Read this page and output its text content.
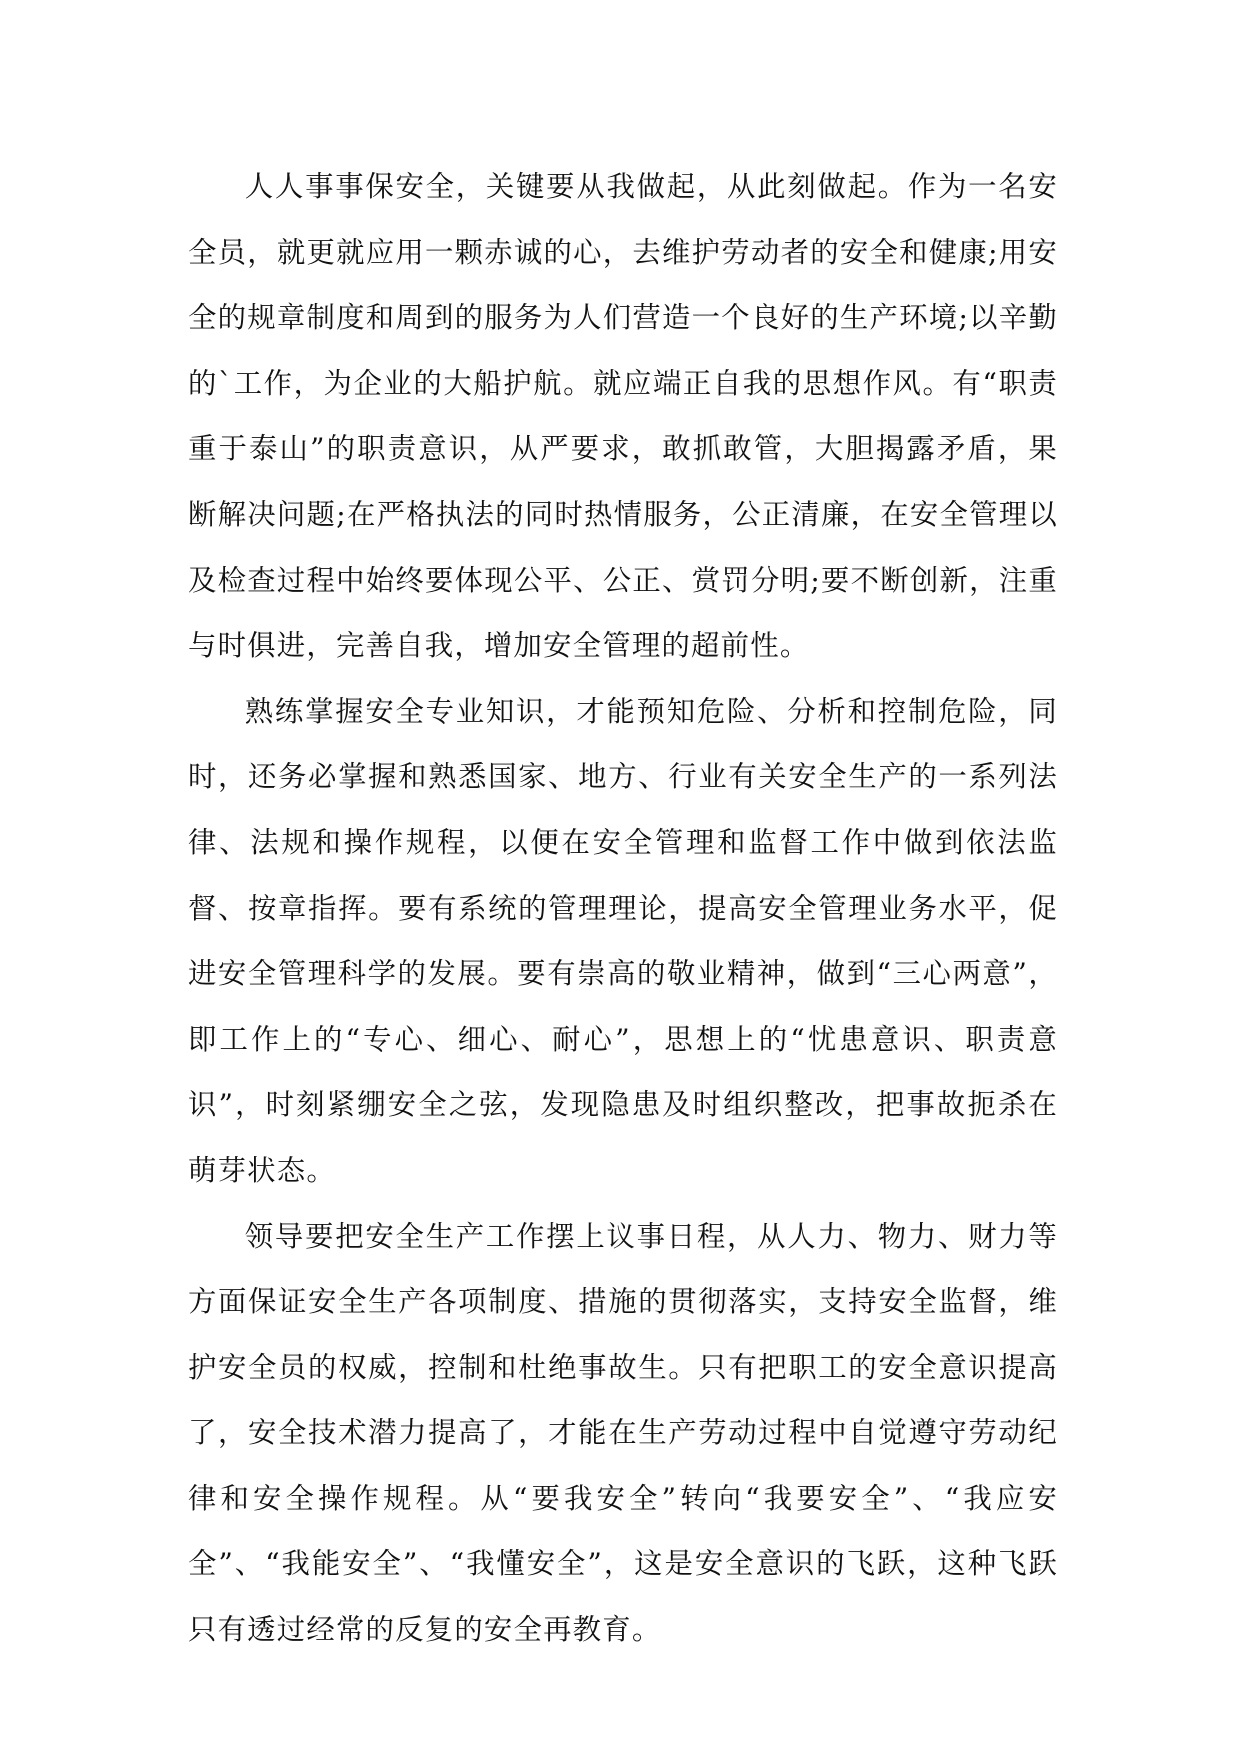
人人事事保安全，关键要从我做起，从此刻做起。作为一名安全员，就更就应用一颗赤诚的心，去维护劳动者的安全和健康;用安全的规章制度和周到的服务为人们营造一个良好的生产环境;以辛勤的`工作，为企业的大船护航。就应端正自我的思想作风。有“职责重于泰山”的职责意识，从严要求，敢抓敢管，大胆揭露矛盾，果断解决问题;在严格执法的同时热情服务，公正清廉，在安全管理以及检查过程中始终要体现公平、公正、赏罚分明;要不断创新，注重与时俱进，完善自我，增加安全管理的超前性。

熟练掌握安全专业知识，才能预知危险、分析和控制危险，同时，还务必掌握和熟悉国家、地方、行业有关安全生产的一系列法律、法规和操作规程，以便在安全管理和监督工作中做到依法监督、按章指挥。要有系统的管理理论，提高安全管理业务水平，促进安全管理科学的发展。要有崇高的敬业精神，做到“三心两意”，即工作上的“专心、细心、耐心”，思想上的“忧患意识、职责意识”，时刻紧绷安全之弦，发现隐患及时组织整改，把事故扼杀在萌芽状态。

领导要把安全生产工作摆上议事日程，从人力、物力、财力等方面保证安全生产各项制度、措施的贯彻落实，支持安全监督，维护安全员的权威，控制和杜绝事故生。只有把职工的安全意识提高了，安全技术潜力提高了，才能在生产劳动过程中自觉遵守劳动纪律和安全操作规程。从“要我安全”转向“我要安全”、“我应安全”、“我能安全”、“我懂安全”，这是安全意识的飞跃，这种飞跃只有透过经常的反复的安全再教育。
